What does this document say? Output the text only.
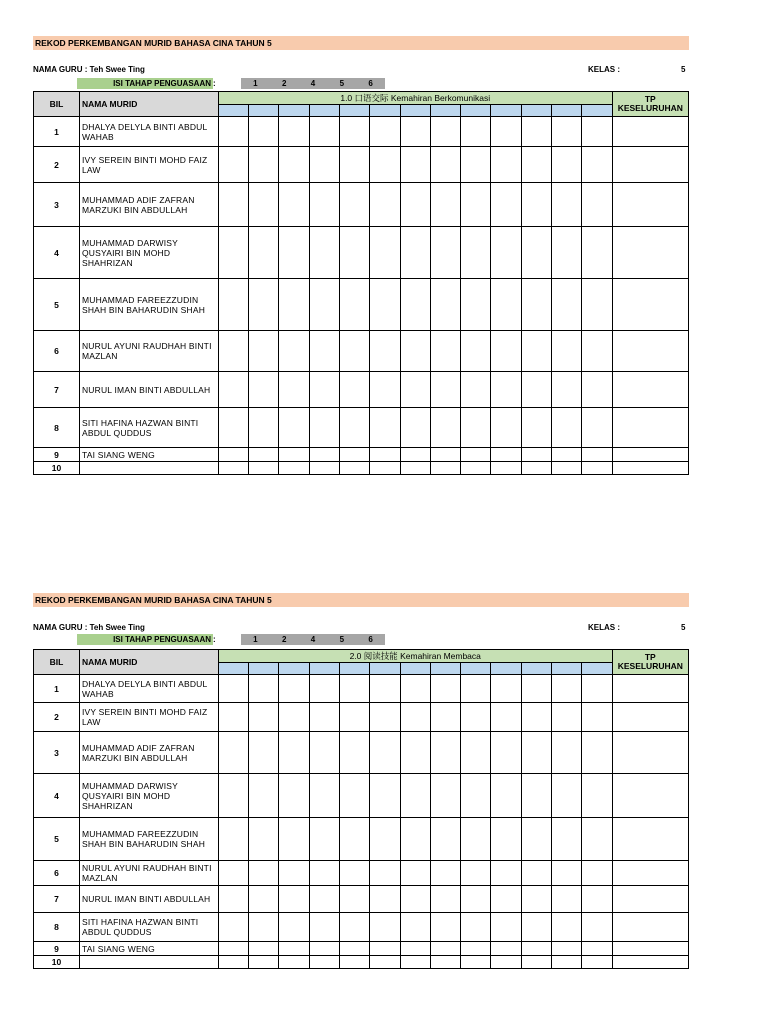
REKOD PERKEMBANGAN MURID BAHASA CINA TAHUN 5
NAMA GURU : Teh Swee Ting	KELAS :	5
ISI TAHAP PENGUASAAN :	1	2	4	5	6
BIL	NAMA MURID	1.0 口语交际 Kemahiran Berkomunikasi													TP
KESELURUHAN

1	DHALYA DELYLA BINTI ABDUL WAHAB														
2	IVY SEREIN BINTI MOHD FAIZ LAW														
3	MUHAMMAD ADIF ZAFRAN MARZUKI BIN ABDULLAH														
4	MUHAMMAD DARWISY QUSYAIRI BIN MOHD SHAHRIZAN														
5	MUHAMMAD FAREEZZUDIN SHAH BIN BAHARUDIN SHAH														
6	NURUL AYUNI RAUDHAH BINTI MAZLAN														
7	NURUL IMAN BINTI ABDULLAH														
8	SITI HAFINA HAZWAN BINTI ABDUL QUDDUS														
9	TAI SIANG WENG														
10															
REKOD PERKEMBANGAN MURID BAHASA CINA TAHUN 5
NAMA GURU : Teh Swee Ting	KELAS :	5
ISI TAHAP PENGUASAAN :	1	2	4	5	6
BIL	NAMA MURID	2.0 阅读技能 Kemahiran Membaca													TP
KESELURUHAN

1	DHALYA DELYLA BINTI ABDUL WAHAB														
2	IVY SEREIN BINTI MOHD FAIZ LAW														
3	MUHAMMAD ADIF ZAFRAN MARZUKI BIN ABDULLAH														
4	MUHAMMAD DARWISY QUSYAIRI BIN MOHD SHAHRIZAN														
5	MUHAMMAD FAREEZZUDIN SHAH BIN BAHARUDIN SHAH														
6	NURUL AYUNI RAUDHAH BINTI MAZLAN														
7	NURUL IMAN BINTI ABDULLAH														
8	SITI HAFINA HAZWAN BINTI ABDUL QUDDUS														
9	TAI SIANG WENG														
10															
